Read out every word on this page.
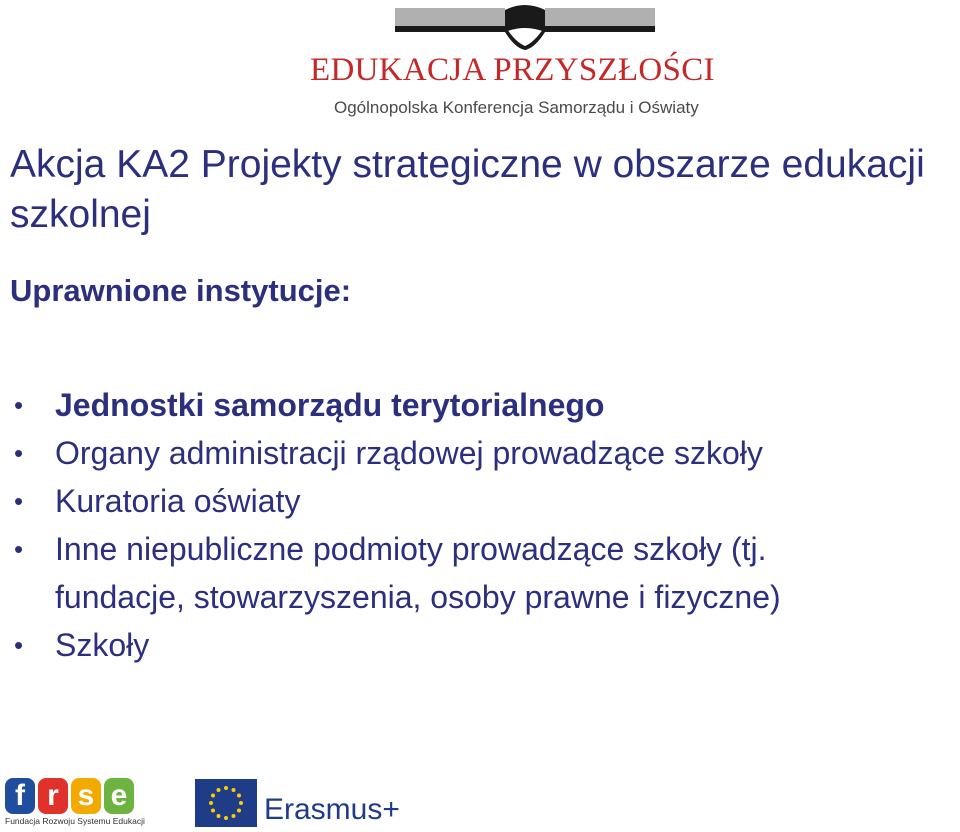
EDUKACJA PRZYSZŁOŚCI
Ogólnopolska Konferencja Samorządu i Oświaty
Akcja KA2 Projekty strategiczne w obszarze edukacji szkolnej
Uprawnione instytucje:
• Jednostki samorządu terytorialnego
• Organy administracji rządowej prowadzące szkoły
• Kuratoria oświaty
• Inne niepubliczne podmioty prowadzące szkoły (tj.
fundacje, stowarzyszenia, osoby prawne i fizyczne)
• Szkoły
f r s e
Fundacja Rozwoju Systemu Edukacji	Erasmus+
